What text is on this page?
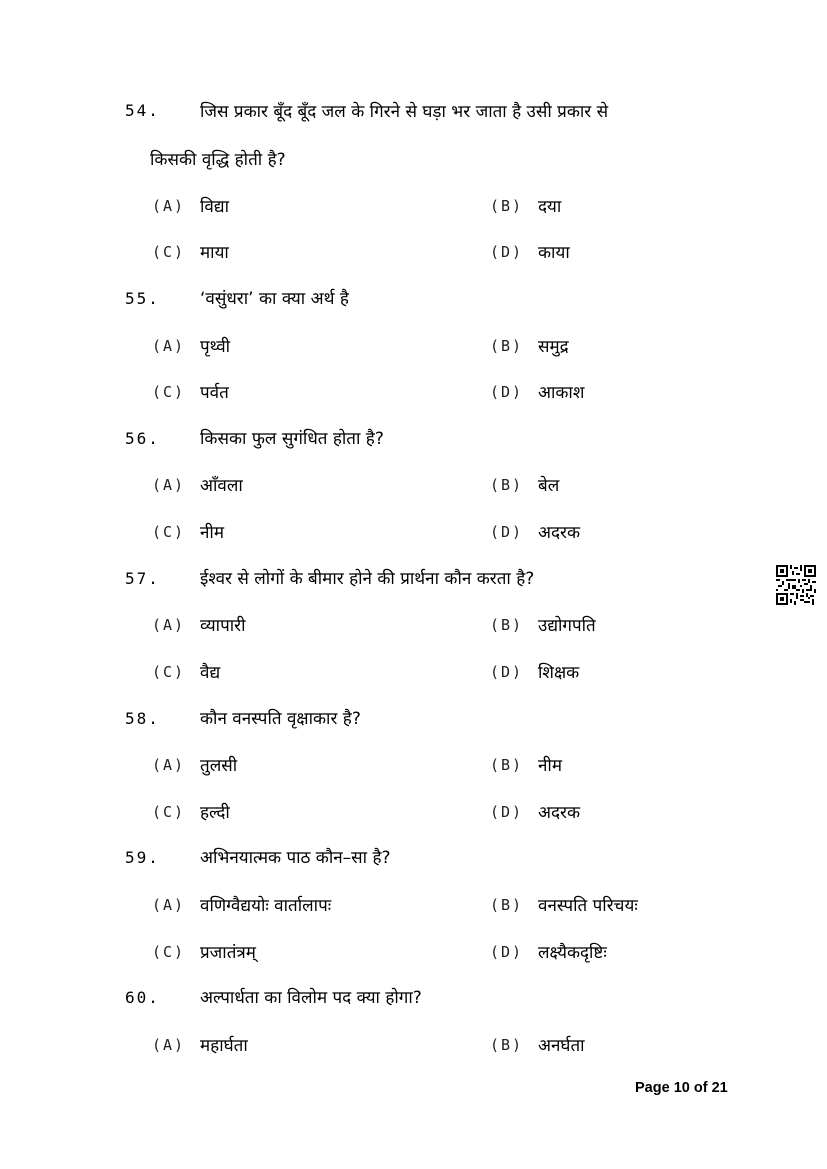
54. जिस प्रकार बूँद बूँद जल के गिरने से घड़ा भर जाता है उसी प्रकार से
किसकी वृद्धि होती है?
(A) विद्या	(B) दया
(C) माया	(D) काया
55. ‘वसुंधरा’ का क्या अर्थ है
(A) पृथ्वी	(B) समुद्र
(C) पर्वत	(D) आकाश
56. किसका फुल सुगंधित होता है?
(A) आँवला	(B) बेल
(C) नीम	(D) अदरक
57. ईश्वर से लोगों के बीमार होने की प्रार्थना कौन करता है?
(A) व्यापारी	(B) उद्योगपति
(C) वैद्य	(D) शिक्षक
58. कौन वनस्पति वृक्षाकार है?
(A) तुलसी	(B) नीम
(C) हल्दी	(D) अदरक
59. अभिनयात्मक पाठ कौन–सा है?
(A) वणिग्वैद्ययोः वार्तालापः	(B) वनस्पति परिचयः
(C) प्रजातंत्रम्	(D) लक्ष्यैकदृष्टिः
60. अल्पार्धता का विलोम पद क्या होगा?
(A) महार्घता	(B) अनर्घता
Page 10 of 21
